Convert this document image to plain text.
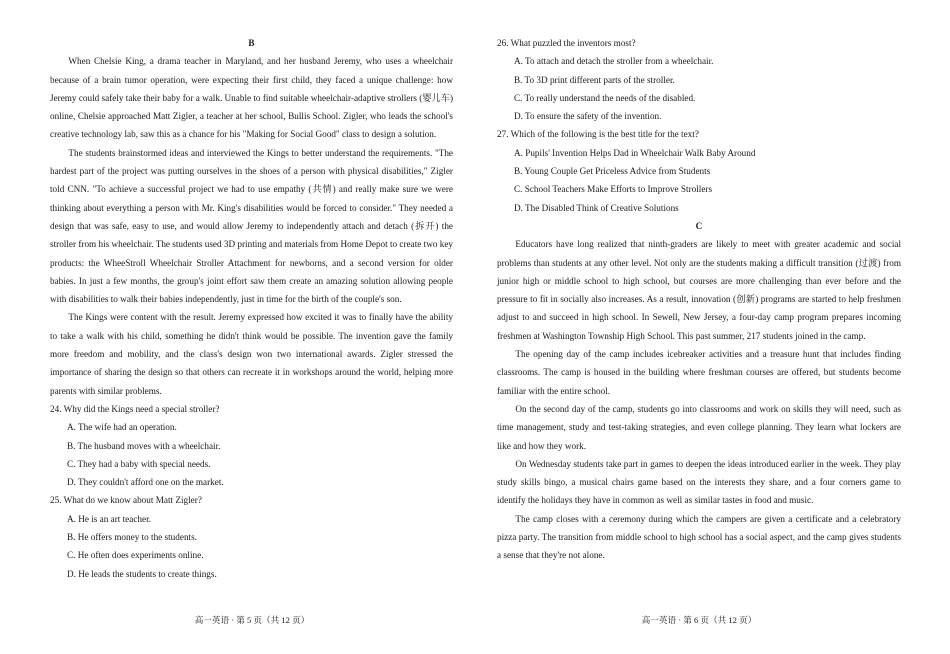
B

When Chelsie King, a drama teacher in Maryland, and her husband Jeremy, who uses a wheelchair because of a brain tumor operation, were expecting their first child, they faced a unique challenge: how Jeremy could safely take their baby for a walk. Unable to find suitable wheelchair-adaptive strollers (婴儿车) online, Chelsie approached Matt Zigler, a teacher at her school, Bullis School. Zigler, who leads the school's creative technology lab, saw this as a chance for his "Making for Social Good" class to design a solution.

The students brainstormed ideas and interviewed the Kings to better understand the requirements. "The hardest part of the project was putting ourselves in the shoes of a person with physical disabilities," Zigler told CNN. "To achieve a successful project we had to use empathy (共情) and really make sure we were thinking about everything a person with Mr. King's disabilities would be forced to consider." They needed a design that was safe, easy to use, and would allow Jeremy to independently attach and detach (拆开) the stroller from his wheelchair. The students used 3D printing and materials from Home Depot to create two key products: the WheeStroll Wheelchair Stroller Attachment for newborns, and a second version for older babies. In just a few months, the group's joint effort saw them create an amazing solution allowing people with disabilities to walk their babies independently, just in time for the birth of the couple's son.

The Kings were content with the result. Jeremy expressed how excited it was to finally have the ability to take a walk with his child, something he didn't think would be possible. The invention gave the family more freedom and mobility, and the class's design won two international awards. Zigler stressed the importance of sharing the design so that others can recreate it in workshops around the world, helping more parents with similar problems.

24. Why did the Kings need a special stroller?
A. The wife had an operation.
B. The husband moves with a wheelchair.
C. They had a baby with special needs.
D. They couldn't afford one on the market.
25. What do we know about Matt Zigler?
A. He is an art teacher.
B. He offers money to the students.
C. He often does experiments online.
D. He leads the students to create things.
高一英语 · 第 5 页（共 12 页）
26. What puzzled the inventors most?
A. To attach and detach the stroller from a wheelchair.
B. To 3D print different parts of the stroller.
C. To really understand the needs of the disabled.
D. To ensure the safety of the invention.
27. Which of the following is the best title for the text?
A. Pupils' Invention Helps Dad in Wheelchair Walk Baby Around
B. Young Couple Get Priceless Advice from Students
C. School Teachers Make Efforts to Improve Strollers
D. The Disabled Think of Creative Solutions
C

Educators have long realized that ninth-graders are likely to meet with greater academic and social problems than students at any other level. Not only are the students making a difficult transition (过渡) from junior high or middle school to high school, but courses are more challenging than ever before and the pressure to fit in socially also increases. As a result, innovation (创新) programs are started to help freshmen adjust to and succeed in high school. In Sewell, New Jersey, a four-day camp program prepares incoming freshmen at Washington Township High School. This past summer, 217 students joined in the camp.

The opening day of the camp includes icebreaker activities and a treasure hunt that includes finding classrooms. The camp is housed in the building where freshman courses are offered, but students become familiar with the entire school.

On the second day of the camp, students go into classrooms and work on skills they will need, such as time management, study and test-taking strategies, and even college planning. They learn what lockers are like and how they work.

On Wednesday students take part in games to deepen the ideas introduced earlier in the week. They play study skills bingo, a musical chairs game based on the interests they share, and a four corners game to identify the holidays they have in common as well as similar tastes in food and music.

The camp closes with a ceremony during which the campers are given a certificate and a celebratory pizza party. The transition from middle school to high school has a social aspect, and the camp gives students a sense that they're not alone.

高一英语 · 第 6 页（共 12 页）
